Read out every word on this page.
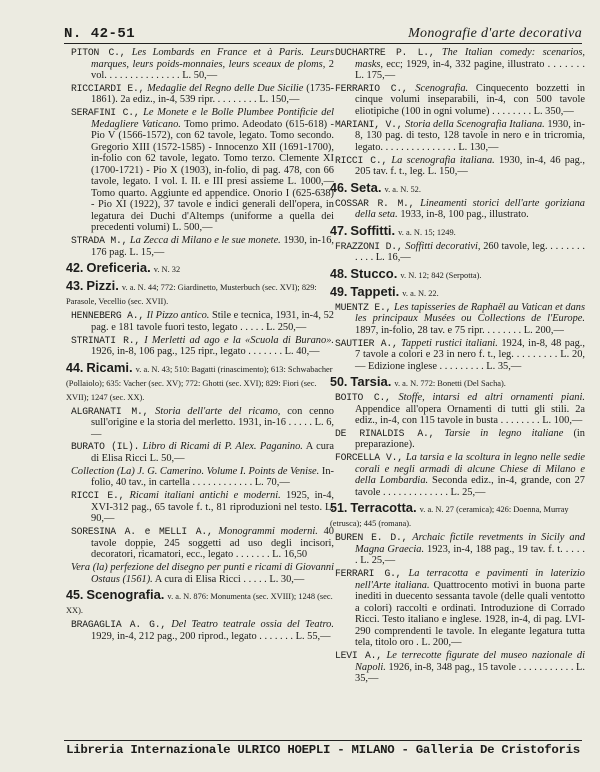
N. 42-51	Monografie d'arte decorativa
PITON C., Les Lombards en France et à Paris. Leurs marques, leurs poids-monnaies, leurs sceaux de ploms, 2 vol. . . . . . . . . . . . . . . L. 50,—
RICCIARDI E., Medaglie del Regno delle Due Sicilie (1735-1861). 2a ediz., in-4, 539 ripr. . . . . . . . . L. 150,—
SERAFINI C., Le Monete e le Bolle Plumbee Pontificie del Medagliere Vaticano. Tomo primo. Adeodato (615-618) - Pio V (1566-1572), con 62 tavole, legato. Tomo secondo. Gregorio XIII (1572-1585) - Innocenzo XII (1691-1700), in-folio con 62 tavole, legato. Tomo terzo. Clemente XI (1700-1721) - Pio X (1903), in-folio, di pag. 478, con 66 tavole, legato. I vol. I. II. e III presi assieme L. 1000,— Tomo quarto. Aggiunte ed appendice. Onorio I (625-638) - Pio XI (1922), 37 tavole e indici generali dell'opera, in legatura dei Duchi d'Altemps (uniforme a quella dei precedenti volumi) L. 500,—
STRADA M., La Zecca di Milano e le sue monete. 1930, in-16, 176 pag. L. 15,—
42. Oreficeria. v. N. 32
43. Pizzi. v. a. N. 44; 772: Giardinetto, Musterbuch (sec. XVI); 829: Parasole, Vecellio (sec. XVII).
HENNEBERG A., Il Pizzo antico. Stile e tecnica, 1931, in-4, 52 pag. e 181 tavole fuori testo, legato . . . . . L. 250,—
STRINATI R., I Merletti ad ago e la «Scuola di Burano». 1926, in-8, 106 pag., 125 ripr., legato . . . . . . . L. 40,—
44. Ricami. v. a. N. 43; 510: Bagatti (rinascimento); 613: Schwabacher (Pollaiolo); 635: Vacher (sec. XV); 772: Ghotti (sec. XVI); 829: Fiori (sec. XVII); 1247 (sec. XX).
ALGRANATI M., Storia dell'arte del ricamo, con cenno sull'origine e la storia del merletto. 1931, in-16 . . . . . L. 6,—
BURATO (IL). Libro di Ricami di P. Alex. Paganino. A cura di Elisa Ricci L. 50,—
Collection (La) J. G. Camerino. Volume I. Points de Venise. In-folio, 40 tav., in cartella . . . . . . . . . . . . L. 70,—
RICCI E., Ricami italiani antichi e moderni. 1925, in-4, XVI-312 pag., 65 tavole f. t., 81 riproduzioni nel testo. L. 90,—
SORESINA A. e MELLI A., Monogrammi moderni. 40 tavole doppie, 245 soggetti ad uso degli incisori, decoratori, ricamatori, ecc., legato . . . . . . . L. 16,50
Vera (la) perfezione del disegno per punti e ricami di Giovanni Ostaus (1561). A cura di Elisa Ricci . . . . . L. 30,—
45. Scenografia. v. a. N. 876: Monumenta (sec. XVIII); 1248 (sec. XX).
BRAGAGLIA A. G., Del Teatro teatrale ossia del Teatro. 1929, in-4, 212 pag., 200 riprod., legato . . . . . . . L. 55,—
DUCHARTRE P. L., The Italian comedy: scenarios, masks, ecc; 1929, in-4, 332 pagine, illustrato . . . . . . . L. 175,—
FERRARIO C., Scenografia. Cinquecento bozzetti in cinque volumi inseparabili, in-4, con 500 tavole eliotipiche (100 in ogni volume) . . . . . . . . L. 350,—
MARIANI, V., Storia della Scenografia Italiana. 1930, in-8, 130 pag. di testo, 128 tavole in nero e in tricromia, legato. . . . . . . . . . . . . . . L. 130,—
RICCI C., La scenografia italiana. 1930, in-4, 46 pag., 205 tav. f. t., leg. L. 150,—
46. Seta. v. a. N. 52.
COSSAR R. M., Lineamenti storici dell'arte goriziana della seta. 1933, in-8, 100 pag., illustrato.
47. Soffitti. v. a. N. 15; 1249.
FRAZZONI D., Soffitti decorativi, 260 tavole, leg. . . . . . . . . . . . L. 16,—
48. Stucco. v. N. 12; 842 (Serpotta).
49. Tappeti. v. a. N. 22.
MUENTZ E., Les tapisseries de Raphaël au Vatican et dans les principaux Musées ou Collections de l'Europe. 1897, in-folio, 28 tav. e 75 ripr. . . . . . . . L. 200,—
SAUTIER A., Tappeti rustici italiani. 1924, in-8, 48 pag., 7 tavole a colori e 23 in nero f. t., leg. . . . . . . . . L. 20,— Edizione inglese . . . . . . . . . L. 35,—
50. Tarsia. v. a. N. 772: Bonetti (Del Sacha).
BOITO C., Stoffe, intarsi ed altri ornamenti piani. Appendice all'opera Ornamenti di tutti gli stili. 2a ediz., in-4, con 115 tavole in busta . . . . . . . . L. 100,—
DE RINALDIS A., Tarsie in legno italiane (in preparazione).
FORCELLA V., La tarsia e la scoltura in legno nelle sedie corali e negli armadi di alcune Chiese di Milano e della Lombardia. Seconda ediz., in-4, grande, con 27 tavole . . . . . . . . . . . . . L. 25,—
51. Terracotta. v. a. N. 27 (ceramica); 426: Doenna, Murray (etrusca); 445 (romana).
BUREN E. D., Archaic fictile revetments in Sicily and Magna Graecia. 1923, in-4, 188 pag., 19 tav. f. t. . . . . . L. 25,—
FERRARI G., La terracotta e pavimenti in laterizio nell'Arte italiana. Quattrocento motivi in buona parte inediti in duecento sessanta tavole (delle quali ventotto a colori) raccolti e ordinati. Introduzione di Corrado Ricci. Testo italiano e inglese. 1928, in-4, di pag. LVI-290 comprendenti le tavole. In elegante legatura tutta tela, titolo oro . L. 200,—
LEVI A., Le terrecotte figurate del museo nazionale di Napoli. 1926, in-8, 348 pag., 15 tavole . . . . . . . . . . . L. 35,—
Libreria Internazionale ULRICO HOEPLI - MILANO - Galleria De Cristoforis
